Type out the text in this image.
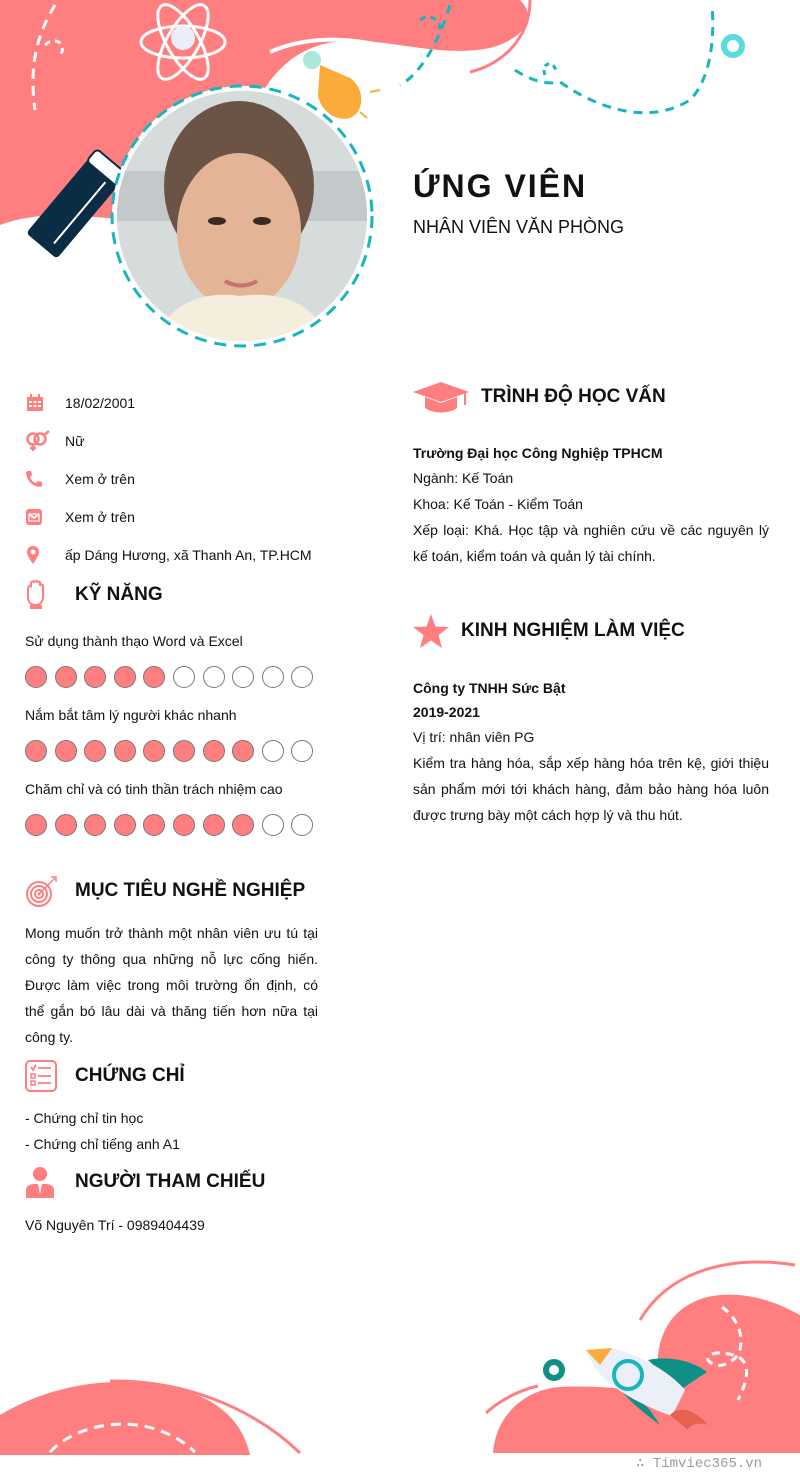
ỨNG VIÊN
NHÂN VIÊN VĂN PHÒNG
18/02/2001
Nữ
Xem ở trên
Xem ở trên
ấp Dáng Hương, xã Thanh An, TP.HCM
KỸ NĂNG
Sử dụng thành thạo Word và Excel
Nắm bắt tâm lý người khác nhanh
Chăm chỉ và có tinh thần trách nhiệm cao
MỤC TIÊU NGHỀ NGHIỆP
Mong muốn trở thành một nhân viên ưu tú tại công ty thông qua những nỗ lực cống hiến. Được làm việc trong môi trường ổn định, có thể gắn bó lâu dài và thăng tiến hơn nữa tại công ty.
CHỨNG CHỈ
- Chứng chỉ tin học
- Chứng chỉ tiếng anh A1
NGƯỜI THAM CHIẾU
Võ Nguyên Trí - 0989404439
TRÌNH ĐỘ HỌC VẤN
Trường Đại học Công Nghiệp TPHCM
Ngành: Kế Toán
Khoa: Kế Toán - Kiểm Toán
Xếp loại: Khá. Học tập và nghiên cứu về các nguyên lý kế toán, kiểm toán và quản lý tài chính.
KINH NGHIỆM LÀM VIỆC
Công ty TNHH Sức Bật
2019-2021
Vị trí: nhân viên PG
Kiểm tra hàng hóa, sắp xếp hàng hóa trên kệ, giới thiệu sản phẩm mới tới khách hàng, đảm bảo hàng hóa luôn được trưng bày một cách hợp lý và thu hút.
∴ Timviec365.vn
